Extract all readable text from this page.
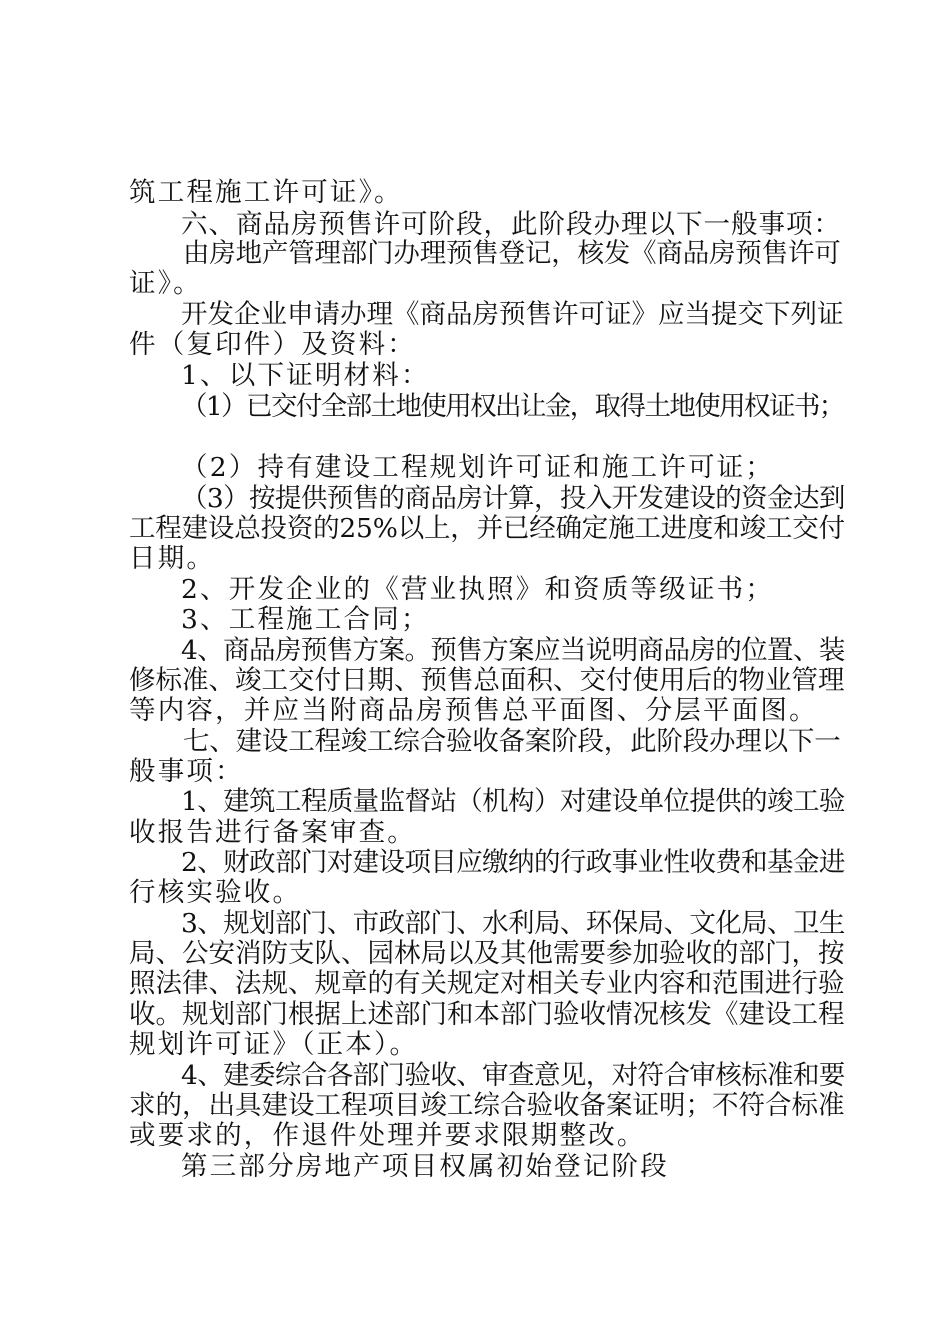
筑工程施工许可证》。
六、商品房预售许可阶段，此阶段办理以下一般事项：
由房地产管理部门办理预售登记，核发《商品房预售许可
证》。
开发企业申请办理《商品房预售许可证》应当提交下列证
件（复印件）及资料：
1、以下证明材料：
（1）已交付全部土地使用权出让金，取得土地使用权证书；
（2）持有建设工程规划许可证和施工许可证；
（3）按提供预售的商品房计算，投入开发建设的资金达到
工程建设总投资的25%以上，并已经确定施工进度和竣工交付
日期。
2、开发企业的《营业执照》和资质等级证书；
3、工程施工合同；
4、商品房预售方案。预售方案应当说明商品房的位置、装
修标准、竣工交付日期、预售总面积、交付使用后的物业管理
等内容，并应当附商品房预售总平面图、分层平面图。
七、建设工程竣工综合验收备案阶段，此阶段办理以下一
般事项：
1、建筑工程质量监督站（机构）对建设单位提供的竣工验
收报告进行备案审查。
2、财政部门对建设项目应缴纳的行政事业性收费和基金进
行核实验收。
3、规划部门、市政部门、水利局、环保局、文化局、卫生
局、公安消防支队、园林局以及其他需要参加验收的部门，按
照法律、法规、规章的有关规定对相关专业内容和范围进行验
收。规划部门根据上述部门和本部门验收情况核发《建设工程
规划许可证》（正本）。
4、建委综合各部门验收、审查意见，对符合审核标准和要
求的，出具建设工程项目竣工综合验收备案证明；不符合标准
或要求的，作退件处理并要求限期整改。
第三部分房地产项目权属初始登记阶段
